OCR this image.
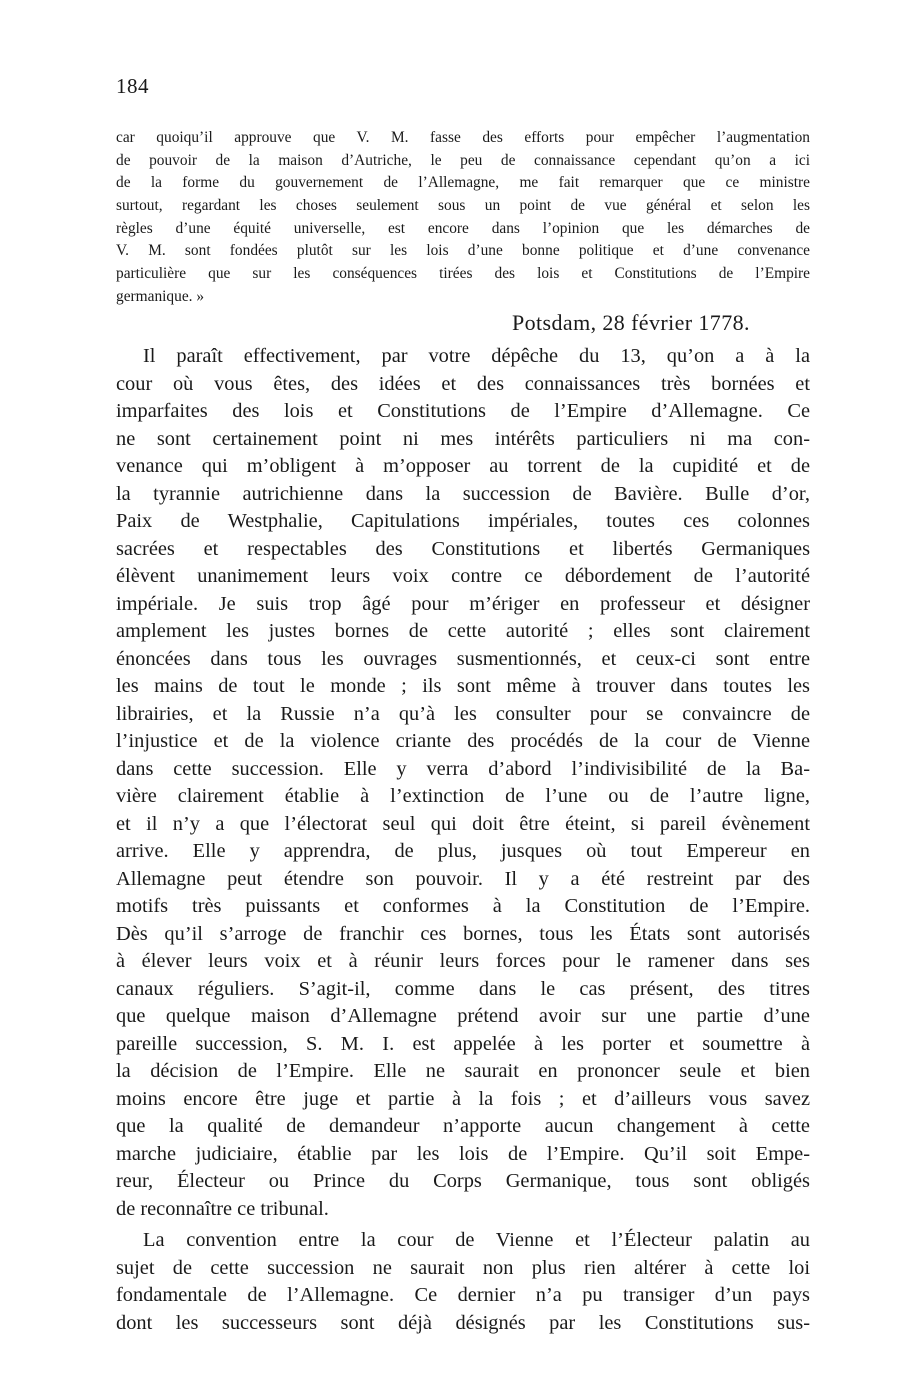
184
car quoiqu’il approuve que V. M. fasse des efforts pour empêcher l’augmentation
de pouvoir de la maison d’Autriche, le peu de connaissance cependant qu’on a ici
de la forme du gouvernement de l’Allemagne, me fait remarquer que ce ministre
surtout, regardant les choses seulement sous un point de vue général et selon les
règles d’une équité universelle, est encore dans l’opinion que les démarches de
V. M. sont fondées plutôt sur les lois d’une bonne politique et d’une convenance
particulière que sur les conséquences tirées des lois et Constitutions de l’Empire
germanique. »
Potsdam, 28 février 1778.
Il paraît effectivement, par votre dépêche du 13, qu’on a à la
cour où vous êtes, des idées et des connaissances très bornées et
imparfaites des lois et Constitutions de l’Empire d’Allemagne. Ce
ne sont certainement point ni mes intérêts particuliers ni ma con-
venance qui m’obligent à m’opposer au torrent de la cupidité et de
la tyrannie autrichienne dans la succession de Bavière. Bulle d’or,
Paix de Westphalie, Capitulations impériales, toutes ces colonnes
sacrées et respectables des Constitutions et libertés Germaniques
élèvent unanimement leurs voix contre ce débordement de l’autorité
impériale. Je suis trop âgé pour m’ériger en professeur et désigner
amplement les justes bornes de cette autorité ; elles sont clairement
énoncées dans tous les ouvrages susmentionnés, et ceux-ci sont entre
les mains de tout le monde ; ils sont même à trouver dans toutes les
librairies, et la Russie n’a qu’à les consulter pour se convaincre de
l’injustice et de la violence criante des procédés de la cour de Vienne
dans cette succession. Elle y verra d’abord l’indivisibilité de la Ba-
vière clairement établie à l’extinction de l’une ou de l’autre ligne,
et il n’y a que l’électorat seul qui doit être éteint, si pareil évènement
arrive. Elle y apprendra, de plus, jusques où tout Empereur en
Allemagne peut étendre son pouvoir. Il y a été restreint par des
motifs très puissants et conformes à la Constitution de l’Empire.
Dès qu’il s’arroge de franchir ces bornes, tous les États sont autorisés
à élever leurs voix et à réunir leurs forces pour le ramener dans ses
canaux réguliers. S’agit-il, comme dans le cas présent, des titres
que quelque maison d’Allemagne prétend avoir sur une partie d’une
pareille succession, S. M. I. est appelée à les porter et soumettre à
la décision de l’Empire. Elle ne saurait en prononcer seule et bien
moins encore être juge et partie à la fois ; et d’ailleurs vous savez
que la qualité de demandeur n’apporte aucun changement à cette
marche judiciaire, établie par les lois de l’Empire. Qu’il soit Empe-
reur, Électeur ou Prince du Corps Germanique, tous sont obligés
de reconnaître ce tribunal.
La convention entre la cour de Vienne et l’Électeur palatin au
sujet de cette succession ne saurait non plus rien altérer à cette loi
fondamentale de l’Allemagne. Ce dernier n’a pu transiger d’un pays
dont les successeurs sont déjà désignés par les Constitutions sus-
